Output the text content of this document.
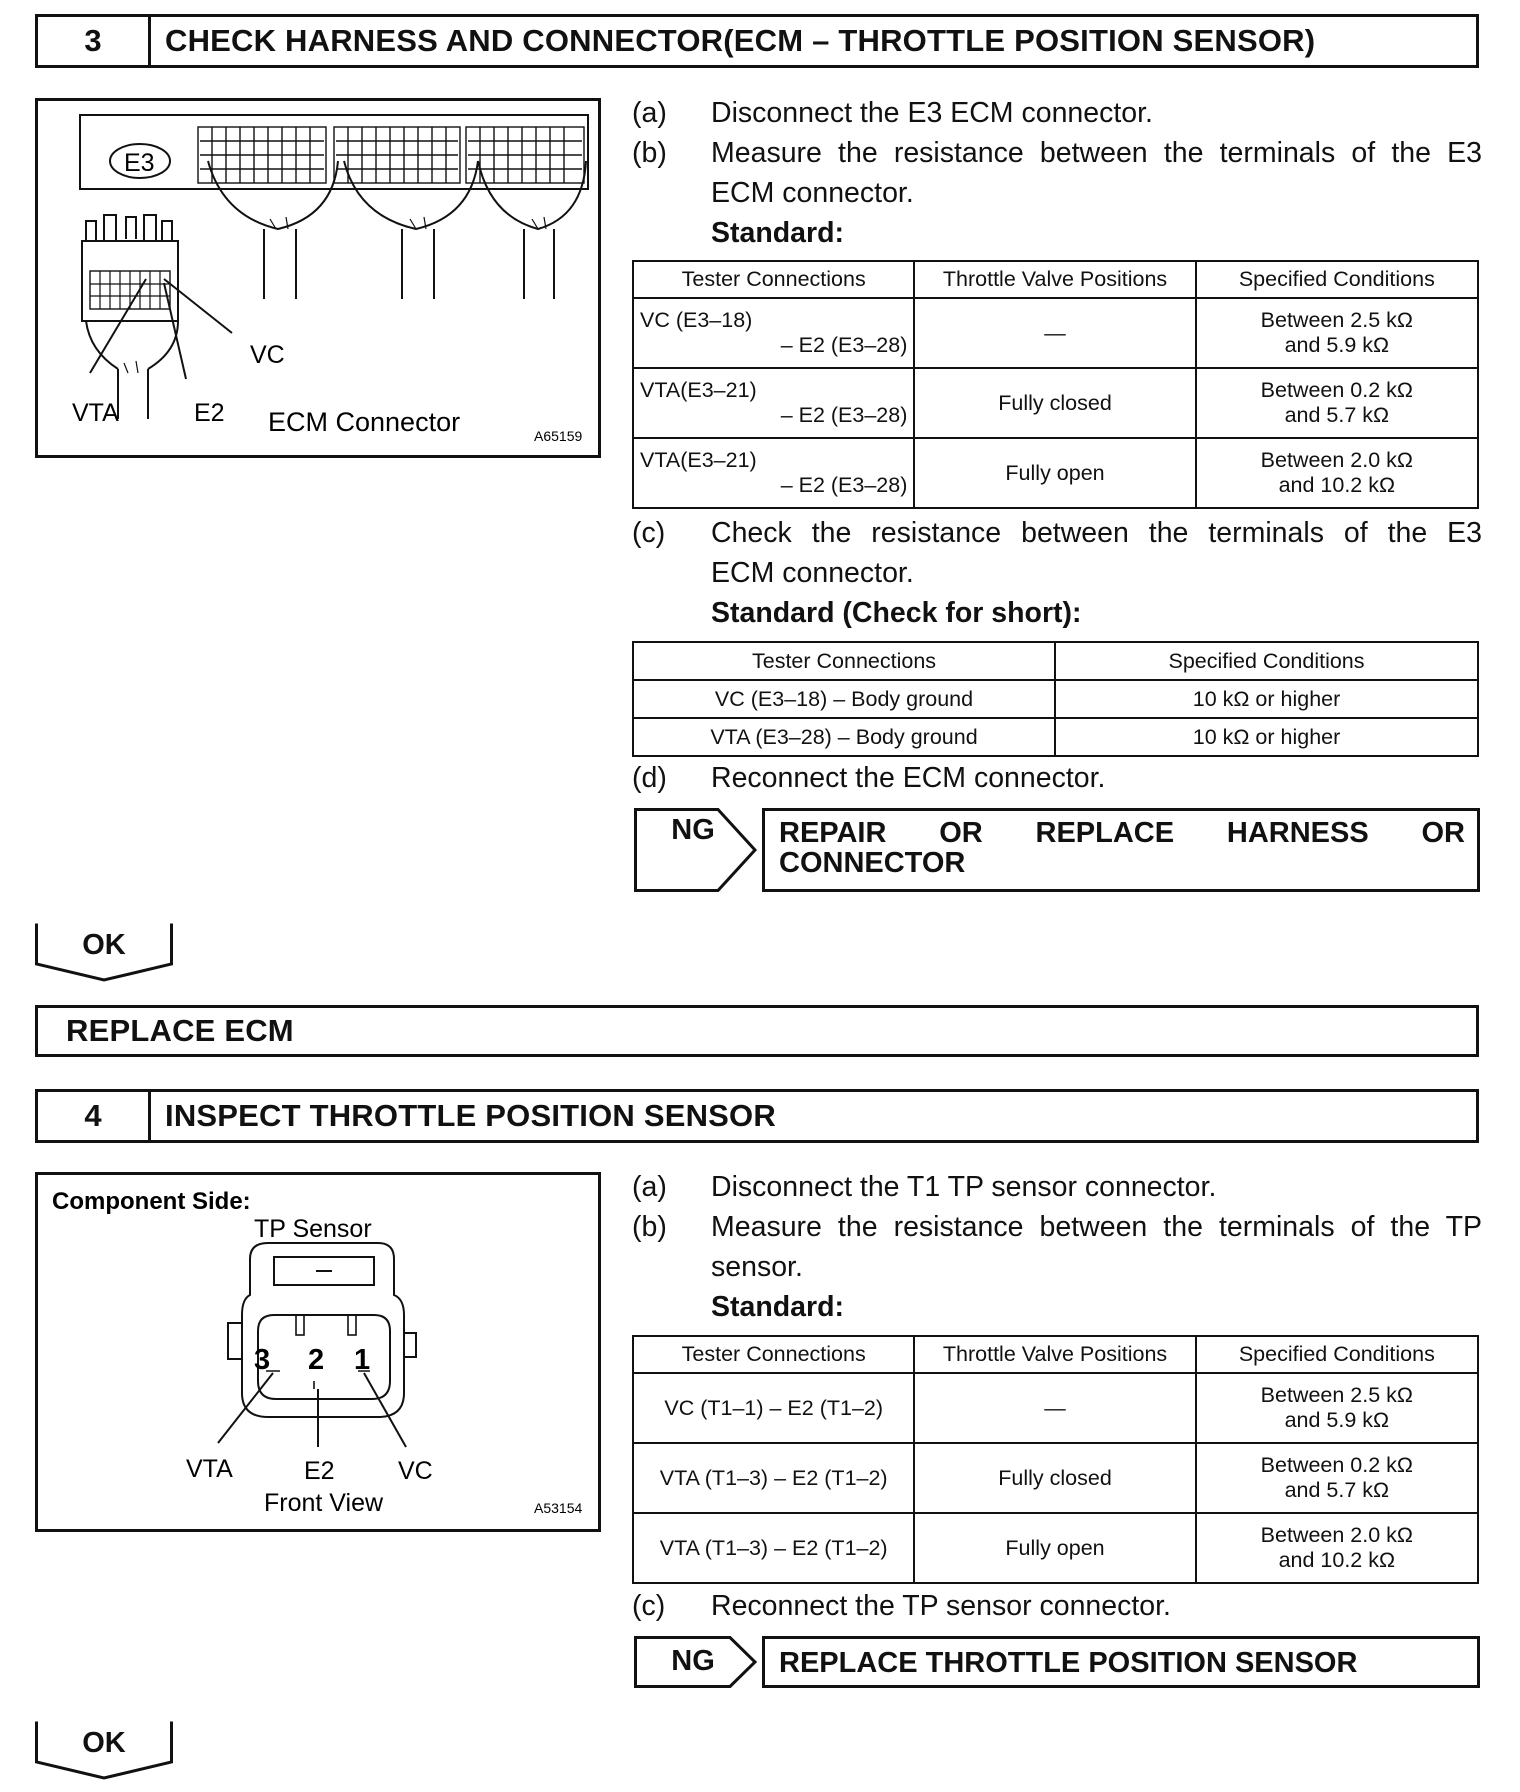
3	CHECK HARNESS AND CONNECTOR(ECM – THROTTLE POSITION SENSOR)
E3
VC
VTA	E2 ECM Connector	A65159
(a) Disconnect the E3 ECM connector.
(b) Measure the resistance between the terminals of the E3
ECM connector.
Standard:
Tester Connections	Throttle Valve Positions	Specified Conditions

VC (E3–18)
– E2 (E3–28)	—	Between 2.5 kΩ
and 5.9 kΩ

VTA(E3–21)
– E2 (E3–28)	Fully closed	Between 0.2 kΩ
and 5.7 kΩ

VTA(E3–21)
– E2 (E3–28)	Fully open	Between 2.0 kΩ
and 10.2 kΩ
(c) Check the resistance between the terminals of the E3
ECM connector.
Standard (Check for short):
Tester Connections	Specified Conditions
VC (E3–18) – Body ground	10 kΩ or higher
VTA (E3–28) – Body ground	10 kΩ or higher
(d) Reconnect the ECM connector.
NG	REPAIR OR REPLACE HARNESS OR
CONNECTOR
OK
REPLACE ECM
4	INSPECT THROTTLE POSITION SENSOR
Component Side:
TP Sensor
3 2 1
VTA	E2	VC
Front View	A53154
(a) Disconnect the T1 TP sensor connector.
(b) Measure the resistance between the terminals of the TP
sensor.
Standard:
Tester Connections	Throttle Valve Positions	Specified Conditions
VC (T1–1) – E2 (T1–2)	—	Between 2.5 kΩ
and 5.9 kΩ

VTA (T1–3) – E2 (T1–2)	Fully closed	Between 0.2 kΩ
and 5.7 kΩ

VTA (T1–3) – E2 (T1–2)	Fully open	Between 2.0 kΩ
and 10.2 kΩ
(c) Reconnect the TP sensor connector.
NG	REPLACE THROTTLE POSITION SENSOR
OK
